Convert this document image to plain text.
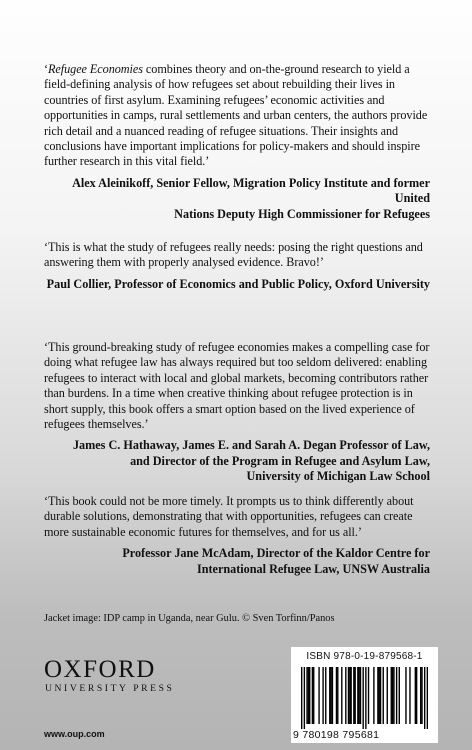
‘Refugee Economies combines theory and on-the-ground research to yield a field-defining analysis of how refugees set about rebuilding their lives in countries of first asylum. Examining refugees’ economic activities and opportunities in camps, rural settlements and urban centers, the authors provide rich detail and a nuanced reading of refugee situations. Their insights and conclusions have important implications for policy-makers and should inspire further research in this vital field.’

Alex Aleinikoff, Senior Fellow, Migration Policy Institute and former United
Nations Deputy High Commissioner for Refugees

‘This is what the study of refugees really needs: posing the right questions and answering them with properly analysed evidence. Bravo!’

Paul Collier, Professor of Economics and Public Policy, Oxford University

‘This ground-breaking study of refugee economies makes a compelling case for doing what refugee law has always required but too seldom delivered: enabling refugees to interact with local and global markets, becoming contributors rather than burdens. In a time when creative thinking about refugee protection is in short supply, this book offers a smart option based on the lived experience of refugees themselves.’

James C. Hathaway, James E. and Sarah A. Degan Professor of Law,
and Director of the Program in Refugee and Asylum Law,
University of Michigan Law School

‘This book could not be more timely. It prompts us to think differently about durable solutions, demonstrating that with opportunities, refugees can create more sustainable economic futures for themselves, and for us all.’

Professor Jane McAdam, Director of the Kaldor Centre for
International Refugee Law, UNSW Australia

Jacket image: IDP camp in Uganda, near Gulu. © Sven Torfinn/Panos
OXFORD
UNIVERSITY PRESS
www.oup.com
ISBN 978-0-19-879568-1
9 780198 795681
